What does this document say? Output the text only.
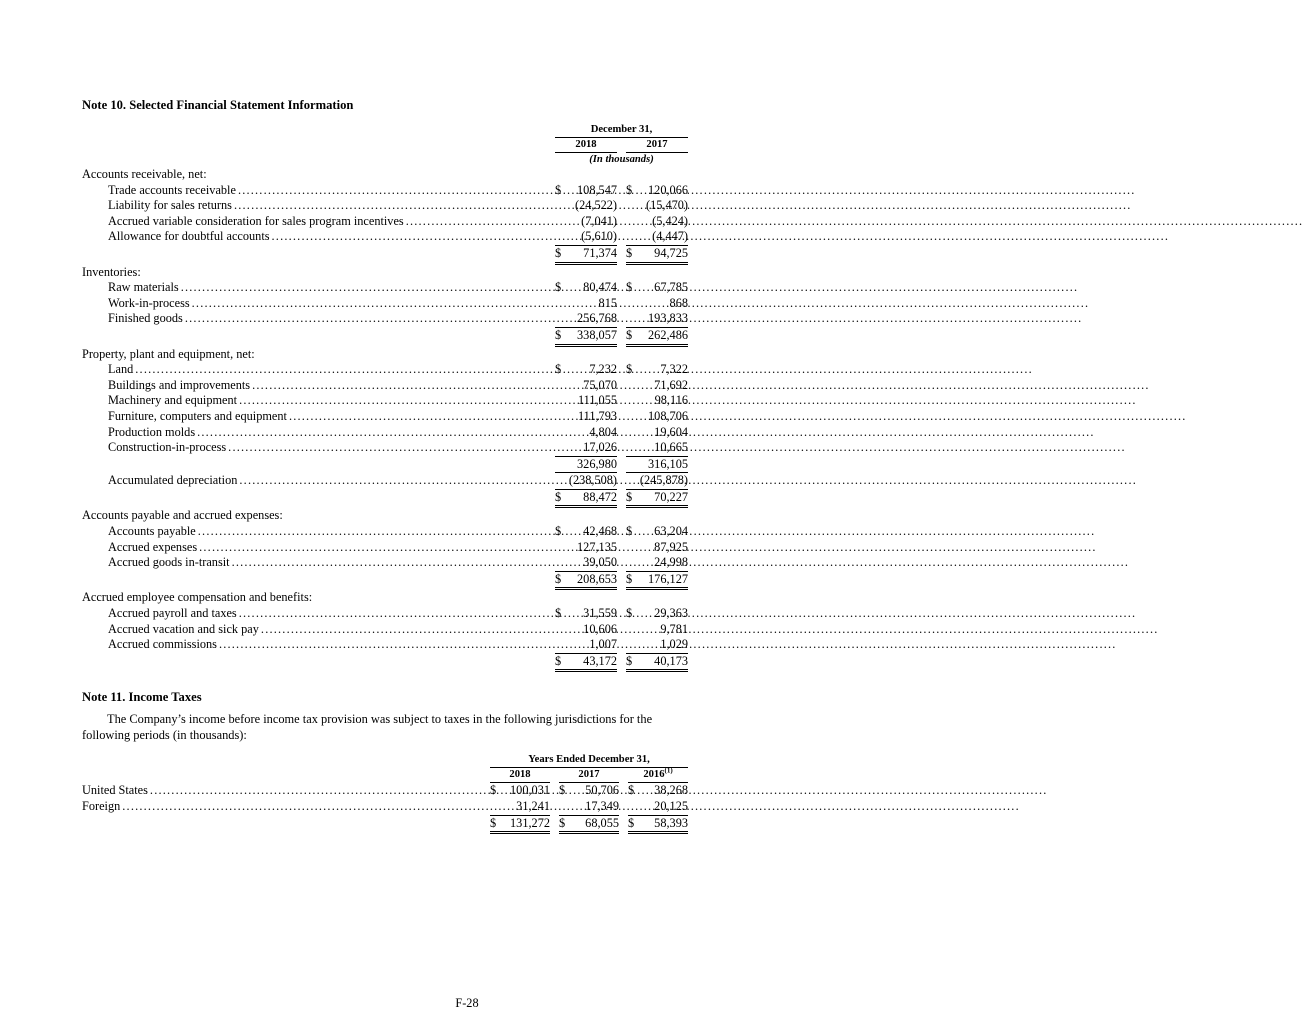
Note 10. Selected Financial Statement Information
December 31,
2018	2017
(In thousands)
Accounts receivable, net:
Trade accounts receivable .....	$ 108,547 $ 120,066
Liability for sales returns .....	(24,522) (15,470)
Accrued variable consideration for sales program incentives .....	(7,041)	(5,424)
Allowance for doubtful accounts .....	(5,610)	(4,447)
$ 71,374 $ 94,725
Inventories:
Raw materials .....	$ 80,474 $ 67,785
Work-in-process .....	815	868
Finished goods .....	256,768	193,833
$ 338,057 $ 262,486
Property, plant and equipment, net:
Land .....	$ 7,232 $ 7,322
Buildings and improvements .....	75,070	71,692
Machinery and equipment .....	111,055	98,116
Furniture, computers and equipment .....	111,793	108,706
Production molds .....	4,804	19,604
Construction-in-process .....	17,026	10,665
326,980	316,105
Accumulated depreciation .....	(238,508) (245,878)
$ 88,472 $ 70,227
Accounts payable and accrued expenses:
Accounts payable .....	$ 42,468 $ 63,204
Accrued expenses .....	127,135	87,925
Accrued goods in-transit .....	39,050	24,998
$ 208,653 $ 176,127
Accrued employee compensation and benefits:
Accrued payroll and taxes .....	$ 31,559 $ 29,363
Accrued vacation and sick pay .....	10,606	9,781
Accrued commissions .....	1,007	1,029
$ 43,172 $ 40,173
Note 11. Income Taxes

The Company’s income before income tax provision was subject to taxes in the following jurisdictions for the following periods (in thousands):

Years Ended December 31,
2018	2017	2016$^{(1)}$
United States .....	$ 100,031 $ 50,706 $ 38,268
Foreign .....	31,241	17,349	20,125
$ 131,272 $ 68,055 $ 58,393
F-28
